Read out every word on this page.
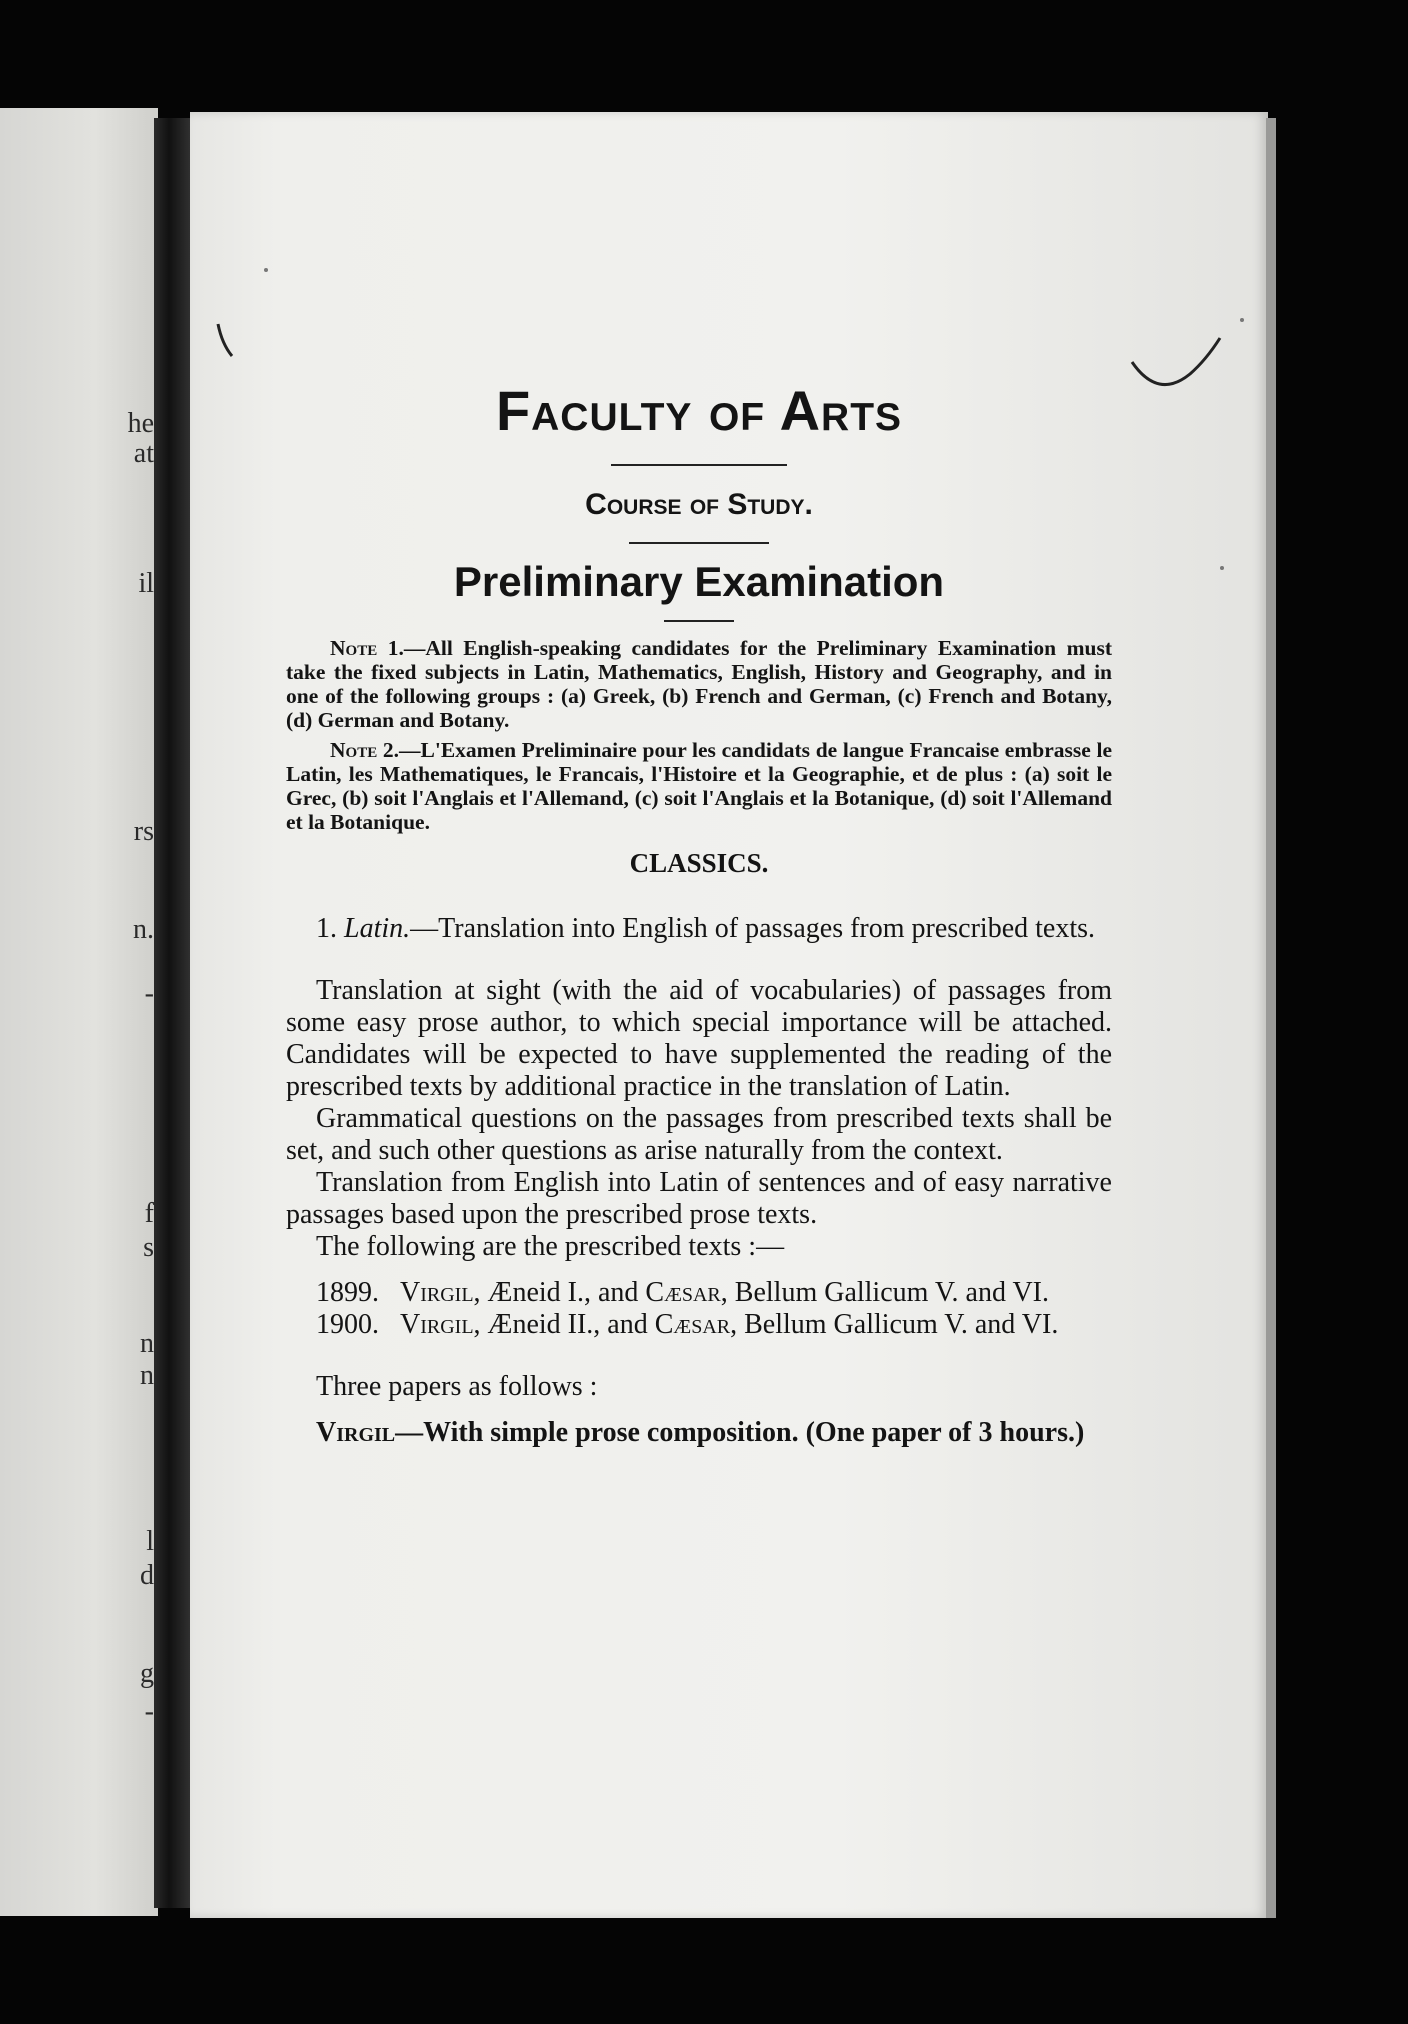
he
at
il
rs
n.
-
f
s
n
n
l
d
g
-
Faculty of Arts
Course of Study.
Preliminary Examination

Note 1.—All English-speaking candidates for the Preliminary Examination must take the fixed subjects in Latin, Mathematics, English, History and Geography, and in one of the following groups : (a) Greek, (b) French and German, (c) French and Botany, (d) German and Botany.

Note 2.—L'Examen Preliminaire pour les candidats de langue Francaise embrasse le Latin, les Mathematiques, le Francais, l'Histoire et la Geographie, et de plus : (a) soit le Grec, (b) soit l'Anglais et l'Allemand, (c) soit l'Anglais et la Botanique, (d) soit l'Allemand et la Botanique.

CLASSICS.

1. Latin.—Translation into English of passages from prescribed texts.

Translation at sight (with the aid of vocabularies) of passages from some easy prose author, to which special importance will be attached. Candidates will be expected to have supplemented the reading of the prescribed texts by additional practice in the translation of Latin.

Grammatical questions on the passages from prescribed texts shall be set, and such other questions as arise naturally from the context.

Translation from English into Latin of sentences and of easy narrative passages based upon the prescribed prose texts.

The following are the prescribed texts :—

1899. Virgil, Æneid I., and Cæsar, Bellum Gallicum V. and VI.

1900. Virgil, Æneid II., and Cæsar, Bellum Gallicum V. and VI.

Three papers as follows :

Virgil—With simple prose composition. (One paper of 3 hours.)
